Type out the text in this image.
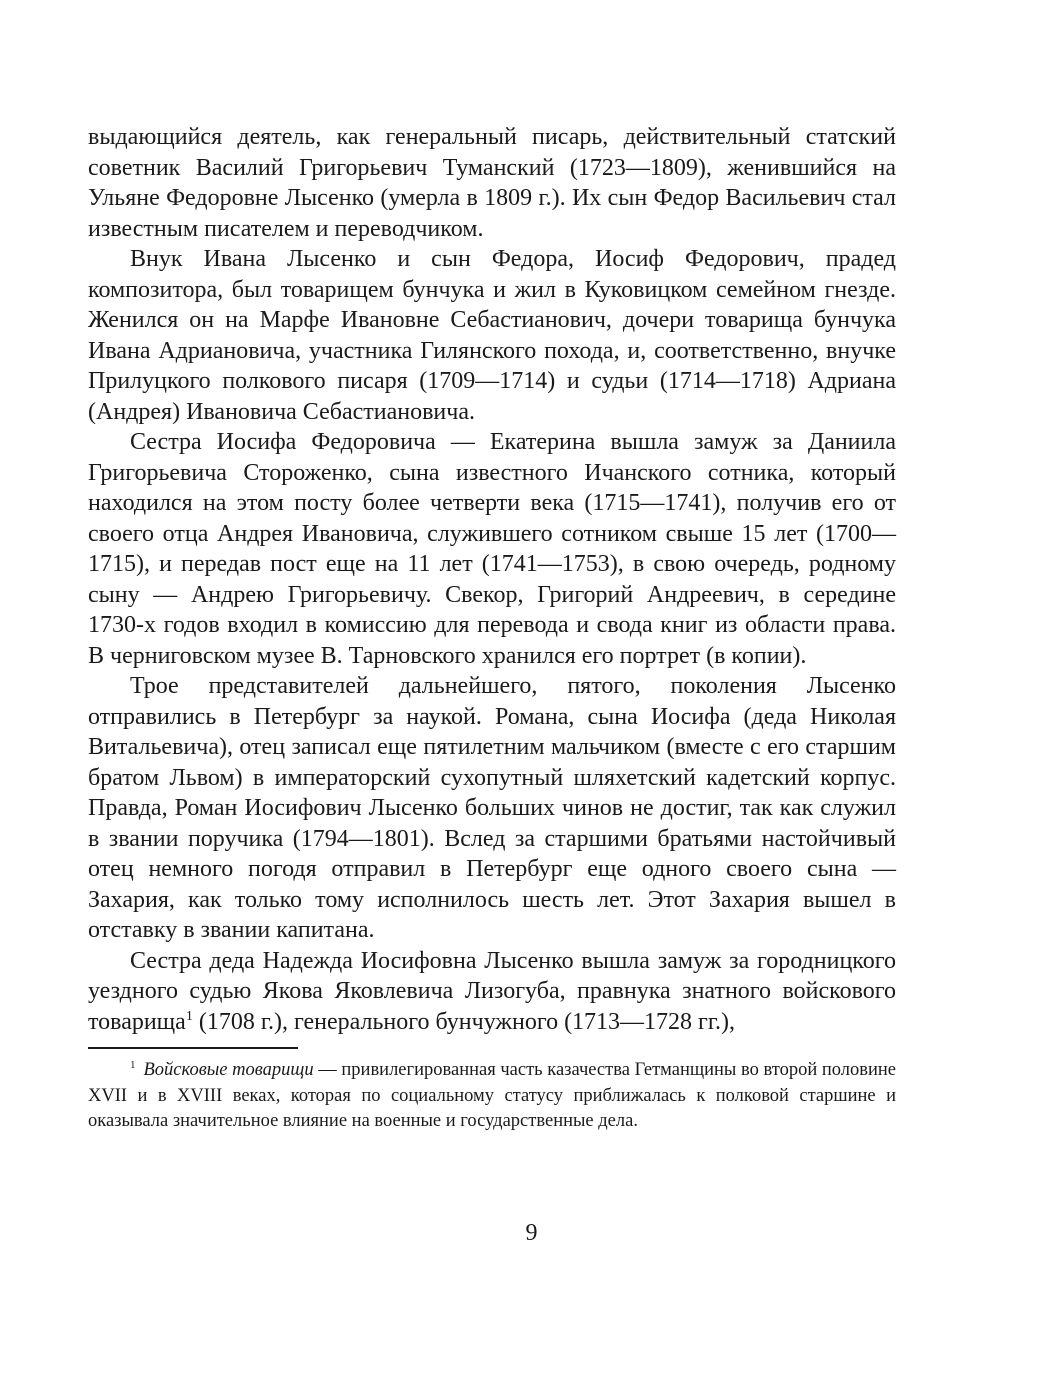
выдающийся деятель, как генеральный писарь, действительный статский советник Василий Григорьевич Туманский (1723—1809), женившийся на Ульяне Федоровне Лысенко (умерла в 1809 г.). Их сын Федор Васильевич стал известным писателем и переводчиком.

Внук Ивана Лысенко и сын Федора, Иосиф Федорович, прадед композитора, был товарищем бунчука и жил в Куковицком семейном гнезде. Женился он на Марфе Ивановне Себастианович, дочери товарища бунчука Ивана Адриановича, участника Гилянского похода, и, соответственно, внучке Прилуцкого полкового писаря (1709—1714) и судьи (1714—1718) Адриана (Андрея) Ивановича Себастиановича.

Сестра Иосифа Федоровича — Екатерина вышла замуж за Даниила Григорьевича Стороженко, сына известного Ичанского сотника, который находился на этом посту более четверти века (1715—1741), получив его от своего отца Андрея Ивановича, служившего сотником свыше 15 лет (1700—1715), и передав пост еще на 11 лет (1741—1753), в свою очередь, родному сыну — Андрею Григорьевичу. Свекор, Григорий Андреевич, в середине 1730-х годов входил в комиссию для перевода и свода книг из области права. В черниговском музее В. Тарновского хранился его портрет (в копии).

Трое представителей дальнейшего, пятого, поколения Лысенко отправились в Петербург за наукой. Романа, сына Иосифа (деда Николая Витальевича), отец записал еще пятилетним мальчиком (вместе с его старшим братом Львом) в императорский сухопутный шляхетский кадетский корпус. Правда, Роман Иосифович Лысенко больших чинов не достиг, так как служил в звании поручика (1794—1801). Вслед за старшими братьями настойчивый отец немного погодя отправил в Петербург еще одного своего сына — Захария, как только тому исполнилось шесть лет. Этот Захария вышел в отставку в звании капитана.

Сестра деда Надежда Иосифовна Лысенко вышла замуж за городницкого уездного судью Якова Яковлевича Лизогуба, правнука знатного войскового товарища$^1$ (1708 г.), генерального бунчужного (1713—1728 гг.),

$^1$ Войсковые товарищи — привилегированная часть казачества Гетманщины во второй половине XVII и в XVIII веках, которая по социальному статусу приближалась к полковой старшине и оказывала значительное влияние на военные и государственные дела.

9
